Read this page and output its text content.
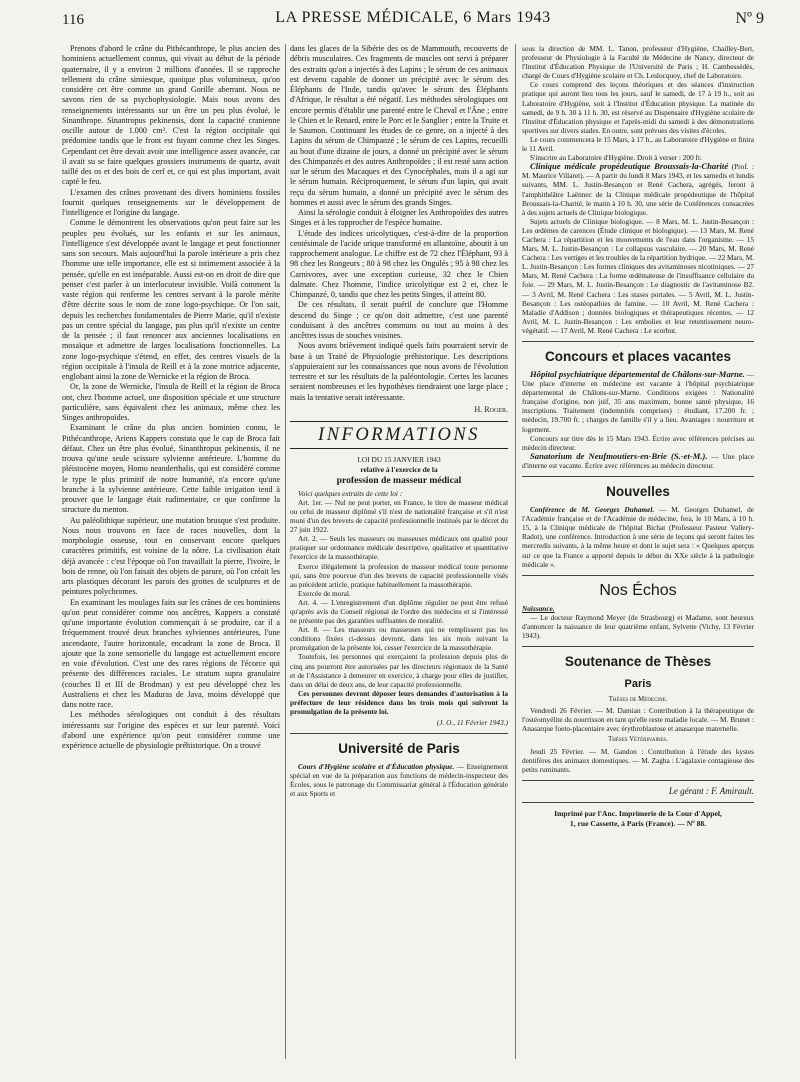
116	LA PRESSE MÉDICALE, 6 Mars 1943	Nº 9

Prenons d'abord le crâne du Pithécanthrope, le plus ancien des hominiens actuellement connus, qui vivait au début de la période quaternaire, il y a environ 2 millions d'années. Il se rapproche tellement du crâne simiesque, quoique plus volumineux, qu'on considère cet être comme un grand Gorille aberrant. Nous ne savons rien de sa psychophysiologie. Mais nous avons des renseignements intéressants sur un être un peu plus évolué, le Sinanthrope. Sinantropus pekinensis, dont la capacité cranienne oscille autour de 1.000 cm³. C'est la région occipitale qui prédomine tandis que le front est fuyant comme chez les Singes. Cependant cet être devait avoir une intelligence assez avancée, car il avait su se faire quelques grossiers instruments de quartz, avait taillé des os et des bois de cerf et, ce qui est plus important, avait capté le feu.

L'examen des crânes provenant des divers hominiens fossiles fournit quelques renseignements sur le développement de l'intelligence et l'origine du langage.

Comme le démontrent les observations qu'on peut faire sur les peuples peu évolués, sur les enfants et sur les animaux, l'intelligence s'est développée avant le langage et peut fonctionner sans son secours. Mais aujourd'hui la parole intérieure a pris chez l'homme une telle importance, elle est si intimement associée à la pensée, qu'elle en est inséparable. Aussi est-on en droit de dire que penser c'est parler à un interlocuteur invisible. Voilà comment la vaste région qui renferme les centres servant à la parole mérite d'être décrite sous le nom de zone logo-psychique. Or l'on sait, depuis les recherches fondamentales de Pierre Marie, qu'il n'existe pas un centre spécial du langage, pas plus qu'il n'existe un centre de la pensée ; il faut renoncer aux anciennes localisations en mosaïque et admettre de larges localisations fonctionnelles. La zone logo-psychique s'étend, en effet, des centres visuels de la région occipitale à l'insula de Reill et à la zone motrice adjacente, englobant ainsi la zone de Wernicke et la région de Broca.

Or, la zone de Wernicke, l'insula de Reill et la région de Broca ont, chez l'homme actuel, une disposition spéciale et une structure particulière, sans équivalent chez les animaux, même chez les Singes anthropoïdes.

Examinant le crâne du plus ancien hominien connu, le Pithécanthrope, Ariens Kappers constata que le cap de Broca fait défaut. Chez un être plus évolué, Sinanthropus pekinensis, il ne trouva qu'une seule scissure sylvienne antérieure. L'homme du pléistocène moyen, Homo neanderthalis, qui est considéré comme le type le plus primitif de notre humanité, n'a encore qu'une branche à la sylvienne antérieure. Cette faible irrigation tend à prouver que le langage était rudimentaire, ce que confirme la structure du menton.

Au paléolithique supérieur, une mutation brusque s'est produite. Nous nous trouvons en face de races nouvelles, dont la morphologie osseuse, tout en conservant encore quelques caractères primitifs, est voisine de la nôtre. La civilisation était déjà avancée : c'est l'époque où l'on travaillait la pierre, l'ivoire, le bois de renne, où l'on faisait des objets de parure, où l'on créait les arts plastiques décorant les parois des grottes de sculptures et de peintures polychromes.

En examinant les moulages faits sur les crânes de ces hominiens qu'on peut considérer comme nos ancêtres, Kappers a constaté qu'une importante évolution commençait à se produire, car il a fréquemment trouvé deux branches sylviennes antérieures, l'une ascendante, l'autre horizontale, encadrant la zone de Broca. Il ajoute que la zone sensorielle du langage est actuellement encore en voie d'évolution. C'est une des rares régions de l'écorce qui présente des différences raciales. Le stratum supra granulaire (couches II et III de Brodman) y est peu développé chez les Australiens et chez les Maduras de Java, moins développé que dans notre race.

Les méthodes sérologiques ont conduit à des résultats intéressants sur l'origine des espèces et sur leur parenté. Voici d'abord une expérience qu'on peut considérer comme une expérience actuelle de physiologie préhistorique. On a trouvé

dans les glaces de la Sibérie des os de Mammouth, recouverts de débris musculaires. Ces fragments de muscles ont servi à préparer des extraits qu'on a injectés à des Lapins ; le sérum de ces animaux est devenu capable de donner un précipité avec le sérum des Éléphants de l'Inde, tandis qu'avec le sérum des Éléphants d'Afrique, le résultat a été négatif. Les méthodes sérologiques ont encore permis d'établir une parenté entre le Cheval et l'Âne ; entre le Chien et le Renard, entre le Porc et le Sanglier ; entre la Truite et le Saumon. Continuant les études de ce genre, on a injecté à des Lapins du sérum de Chimpanzé ; le sérum de ces Lapins, recueilli au bout d'une dizaine de jours, a donné un précipité avec le sérum des Chimpanzés et des autres Anthropoïdes ; il est resté sans action sur le sérum des Macaques et des Cynocéphales, mais il a agi sur le sérum humain. Réciproquement, le sérum d'un lapin, qui avait reçu du sérum humain, a donné un précipité avec le sérum des hommes et aussi avec le sérum des grands Singes.

Ainsi la sérologie conduit à éloigner les Anthropoïdes des autres Singes et à les rapprocher de l'espèce humaine.

L'étude des indices uricolytiques, c'est-à-dire de la proportion centésimale de l'acide urique transformé en allantoïne, aboutit à un rapprochement analogue. Le chiffre est de 72 chez l'Éléphant, 93 à 98 chez les Rongeurs ; 80 à 98 chez les Ongulés ; 95 à 98 chez les Carnivores, avec une exception curieuse, 32 chez le Chien dalmate. Chez l'homme, l'indice uricolytique est 2 et, chez le Chimpanzé, 0, tandis que chez les petits Singes, il atteint 80.

De ces résultats, il serait puéril de conclure que l'Homme descend du Singe ; ce qu'on doit admettre, c'est une parenté conduisant à des ancêtres communs ou tout au moins à des ancêtres issus de souches voisines.

Nous avons brièvement indiqué quels faits pourraient servir de base à un Traité de Physiologie préhistorique. Les descriptions s'appuieraient sur les connaissances que nous avons de l'évolution terrestre et sur les résultats de la paléontologie. Certes les lacunes seraient nombreuses et les hypothèses tiendraient une large place ; mais la tentative serait intéressante.

H. Roger.
INFORMATIONS

LOI DU 15 JANVIER 1943

relative à l'exercice de la

profession de masseur médical

Voici quelques extraits de cette loi :

Art. 1er. — Nul ne peut porter, en France, le titre de masseur médical ou celui de masseur diplômé s'il n'est de nationalité française et s'il n'est muni d'un des brevets de capacité professionnelle institués par le décret du 27 juin 1922.

Art. 2. — Seuls les masseurs ou masseuses médicaux ont qualité pour pratiquer sur ordonnance médicale descriptive, qualitative et quantitative l'exercice de la massothérapie.

Exerce illégalement la profession de masseur médical toute personne qui, sans être pourvue d'un des brevets de capacité professionnelle visés au précédent article, pratique habituellement la massothérapie.

Exercée de moral.

Art. 4. — L'enregistrement d'un diplôme régulier ne peut être refusé qu'après avis du Conseil régional de l'ordre des médecins et si l'intéressé ne présente pas des garanties suffisantes de moralité.

Art. 8. — Les masseurs ou masseuses qui ne remplissent pas les conditions fixées ci-dessus devront, dans les six mois suivant la promulgation de la présente loi, cesser l'exercice de la massothérapie.

Toutefois, les personnes qui exerçaient la profession depuis plus de cinq ans pourront être autorisées par les directeurs régionaux de la Santé et de l'Assistance à demeurer en exercice, à charge pour elles de justifier, dans un délai de deux ans, de leur capacité professionnelle.

Ces personnes devront déposer leurs demandes d'autorisation à la préfecture de leur résidence dans les trois mois qui suivront la promulgation de la présente loi.

(J. O., 11 Février 1943.)
Université de Paris

Cours d'Hygiène scolaire et d'Éducation physique. — Enseignement spécial en vue de la préparation aux fonctions de médecin-inspecteur des Écoles, sous le patronage du Commissariat général à l'Éducation générale et aux Sports et

sous la direction de MM. L. Tanon, professeur d'Hygiène, Chailley-Bert, professeur de Physiologie à la Faculté de Médecine de Nancy, directeur de l'Institut d'Éducation Physique de l'Université de Paris ; H. Cambessédès, chargé de Cours d'Hygiène scolaire et Ch. Leslocquoy, chef de Laboratoire.

Ce cours comprend des leçons théoriques et des séances d'instruction pratique qui auront lieu tous les jours, sauf le samedi, de 17 à 19 h., soit au Laboratoire d'Hygiène, soit à l'Institut d'Éducation physique. La matinée du samedi, de 9 h. 30 à 11 h. 30, est réservé au Dispensaire d'Hygiène scolaire de l'Institut d'Éducation physique et l'après-midi du samedi à des démonstrations sportives sur divers stades. En outre, sont prévues des visites d'écoles.

Le cours commencera le 15 Mars, à 17 h., au Laboratoire d'Hygiène et finira le 11 Avril.

S'inscrire au Laboratoire d'Hygiène. Droit à verser : 200 fr.

Clinique médicale propédeutique Broussais-la-Charité (Prof. : M. Maurice Villaret). — A partir du lundi 8 Mars 1943, et les samedis et lundis suivants, MM. L. Justin-Besançon et René Cachera, agrégés, feront à l'amphithéâtre Laënnec de la Clinique médicale propédeutique de l'hôpital Broussais-la-Charité, le matin à 10 h. 30, une série de Conférences consacrées à des sujets actuels de Clinique biologique.

Sujets actuels de Clinique biologique. — 8 Mars, M. L. Justin-Besançon : Les œdèmes de carences (Étude clinique et biologique). — 13 Mars, M. René Cachera : La répartition et les mouvements de l'eau dans l'organisme. — 15 Mars, M. L. Justin-Besançon : Le collapsus vasculaire. — 20 Mars, M. René Cachera : Les vertiges et les troubles de la répartition hydrique. — 22 Mars, M. L. Justin-Besançon : Les formes cliniques des avitaminoses nicotiniques. — 27 Mars, M. René Cachera : La forme œdémateuse de l'insuffisance cellulaire du foie. — 29 Mars, M. L. Justin-Besançon : Le diagnostic de l'avitaminose B2. — 3 Avril, M. René Cachera : Les stases portales. — 5 Avril, M. L. Justin-Besançon : Les ostéopathies de famine. — 10 Avril, M. René Cachera : Maladie d'Addison ; données biologiques et thérapeutiques récentes. — 12 Avril, M. L. Justin-Besançon : Les embolies et leur retentissement neuro-végétatif. — 17 Avril, M. René Cachera : Le scorbut.

Concours et places vacantes

Hôpital psychiatrique départemental de Châlons-sur-Marne. — Une place d'interne en médecine est vacante à l'hôpital psychiatrique départemental de Châlons-sur-Marne. Conditions exigées : Nationalité française d'origine, non juif, 35 ans maximum, bonne santé physique, 16 inscriptions. Traitement (indemnités comprises) : étudiant, 17.200 fr. ; médecin, 19.700 fr. ; charges de famille s'il y a lieu. Avantages : nourriture et logement.

Concours sur titre dès le 15 Mars 1943. Écrire avec références précises au médecin directeur.

Sanatorium de Neufmoutiers-en-Brie (S.-et-M.). — Une place d'interne est vacante. Écrire avec références au médecin directeur.

Nouvelles

Conférence de M. Georges Duhamel. — M. Georges Duhamel, de l'Académie française et de l'Académie de médecine, fera, le 10 Mars, à 10 h. 15, à la Clinique médicale de l'hôpital Bichat (Professeur Pasteur Vallery-Radot), une conférence. Introduction à une série de leçons qui seront faites les mercredis suivants, à la même heure et dont le sujet sera : « Quelques aperçus sur ce que la France a apporté depuis le début du XXe siècle à la pathologie médicale ».

Nos Échos

Naissance.

— Le docteur Raymond Meyer (de Strasbourg) et Madame, sont heureux d'annoncer la naissance de leur quatrième enfant, Sylvette (Vichy, 13 Février 1943).

Soutenance de Thèses
Paris
Thèses de Médecine.

Vendredi 26 Février. — M. Damian : Contribution à la thérapeutique de l'ostéomyélite du nourrisson en tant qu'elle reste maladie locale. — M. Brunet : Anasarque foeto-placentaire avec érythroblastose et anasarque maternelle.

Thèses Vétérinaires.

Jeudi 25 Février. — M. Gandon : Contribution à l'étude des kystes dentifères des animaux domestiques. — M. Zagha : L'agalaxie contagieuse des petits ruminants.

Le gérant : F. Amirault.
Imprimé par l'Anc. Imprimerie de la Cour d'Appel,
1, rue Cassette, à Paris (France). — Nº 88.
